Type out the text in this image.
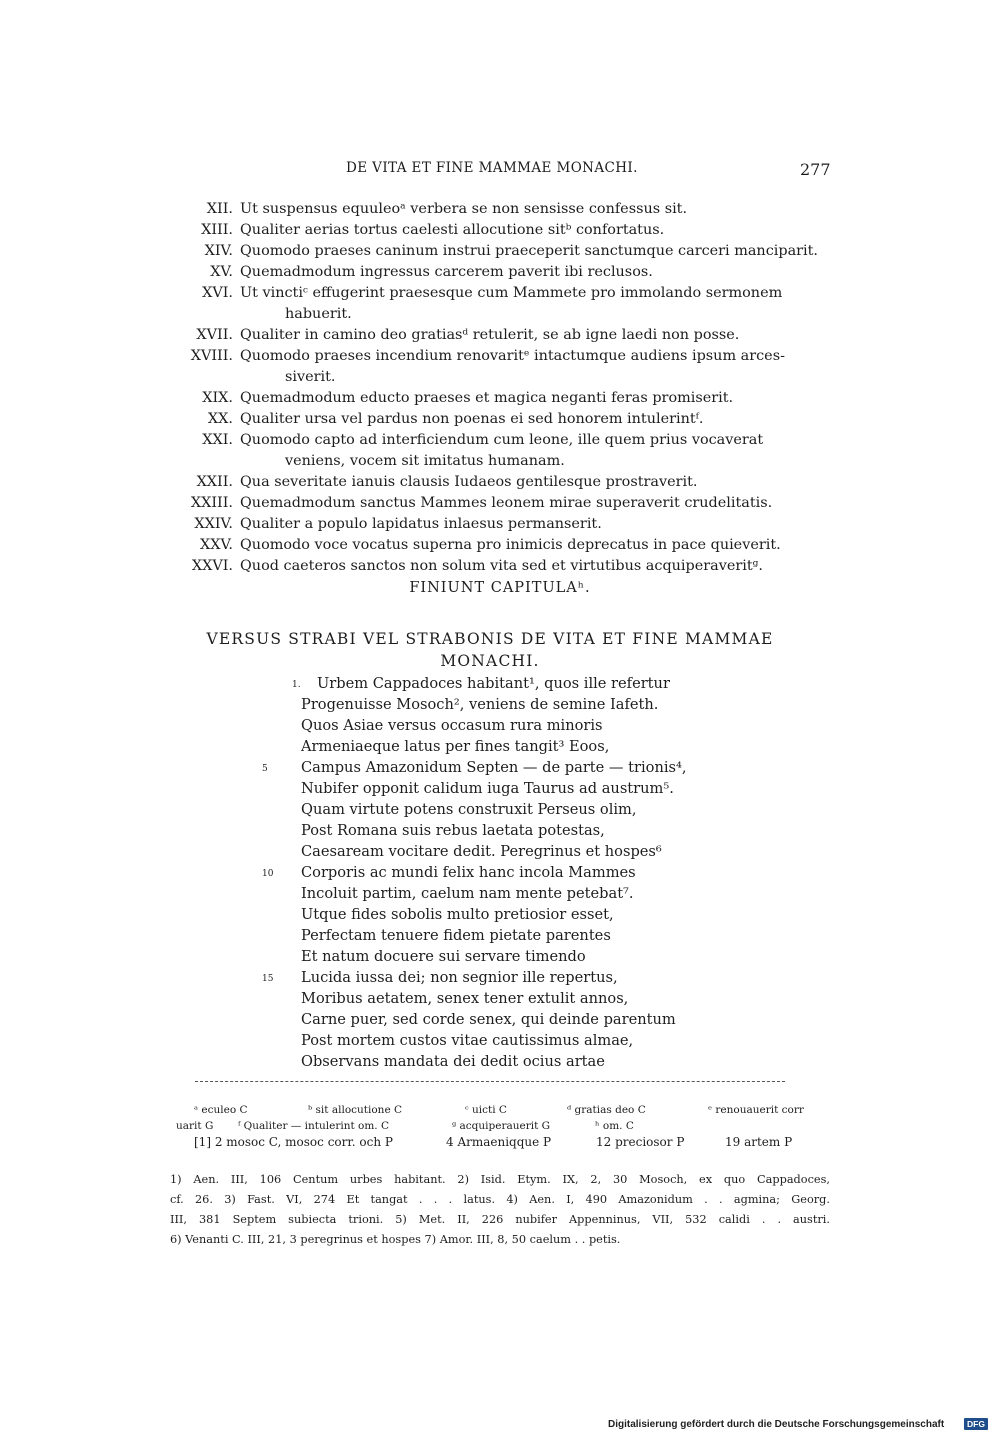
DE VITA ET FINE MAMMAE MONACHI.	277
XII. Ut suspensus equuleoᵃ verbera se non sensisse confessus sit.
XIII. Qualiter aerias tortus caelesti allocutione sitᵇ confortatus.
XIV. Quomodo praeses caninum instrui praeceperit sanctumque carceri manciparit.
XV. Quemadmodum ingressus carcerem paverit ibi reclusos.
XVI. Ut vinctiᶜ effugerint praesesque cum Mammete pro immolando sermonem
habuerit.
XVII. Qualiter in camino deo gratiasᵈ retulerit, se ab igne laedi non posse.
XVIII. Quomodo praeses incendium renovaritᵉ intactumque audiens ipsum arces-
siverit.
XIX. Quemadmodum educto praeses et magica neganti feras promiserit.
XX. Qualiter ursa vel pardus non poenas ei sed honorem intulerintᶠ.
XXI. Quomodo capto ad interficiendum cum leone, ille quem prius vocaverat
veniens, vocem sit imitatus humanam.
XXII. Qua severitate ianuis clausis Iudaeos gentilesque prostraverit.
XXIII. Quemadmodum sanctus Mammes leonem mirae superaverit crudelitatis.
XXIV. Qualiter a populo lapidatus inlaesus permanserit.
XXV. Quomodo voce vocatus superna pro inimicis deprecatus in pace quieverit.
XXVI. Quod caeteros sanctos non solum vita sed et virtutibus acquiperaveritᵍ.
FINIUNT CAPITULAʰ.
VERSUS STRABI VEL STRABONIS DE VITA ET FINE MAMMAE
MONACHI.
1.	Urbem Cappadoces habitant¹, quos ille refertur
Progenuisse Mosoch², veniens de semine Iafeth.
Quos Asiae versus occasum rura minoris
Armeniaeque latus per fines tangit³ Eoos,
5	Campus Amazonidum Septen — de parte — trionis⁴,
Nubifer opponit calidum iuga Taurus ad austrum⁵.
Quam virtute potens construxit Perseus olim,
Post Romana suis rebus laetata potestas,
Caesaream vocitare dedit. Peregrinus et hospes⁶
10	Corporis ac mundi felix hanc incola Mammes
Incoluit partim, caelum nam mente petebat⁷.
Utque fides sobolis multo pretiosior esset,
Perfectam tenuere fidem pietate parentes
Et natum docuere sui servare timendo
15	Lucida iussa dei; non segnior ille repertus,
Moribus aetatem, senex tener extulit annos,
Carne puer, sed corde senex, qui deinde parentum
Post mortem custos vitae cautissimus almae,
Observans mandata dei dedit ocius artae
ᵃ eculeo C	ᵇ sit allocutione C	ᶜ uicti C	ᵈ gratias deo C	ᵉ renouauerit corr
uarit G ᶠ Qualiter — intulerint om. C	ᵍ acquiperauerit G	ʰ om. C
[1] 2 mosoc C, mosoc corr. och P	4 Armaeniqque P	12 preciosor P	19 artem P
1) Aen. III, 106 Centum urbes habitant. 2) Isid. Etym. IX, 2, 30 Mosoch, ex quo Cappadoces,
cf. 26. 3) Fast. VI, 274 Et tangat . . . latus. 4) Aen. I, 490 Amazonidum . . agmina; Georg.
III, 381 Septem subiecta trioni. 5) Met. II, 226 nubifer Appenninus, VII, 532 calidi . . austri.
6) Venanti C. III, 21, 3 peregrinus et hospes 7) Amor. III, 8, 50 caelum . . petis.
Digitalisierung gefördert durch die Deutsche Forschungsgemeinschaft	DFG
